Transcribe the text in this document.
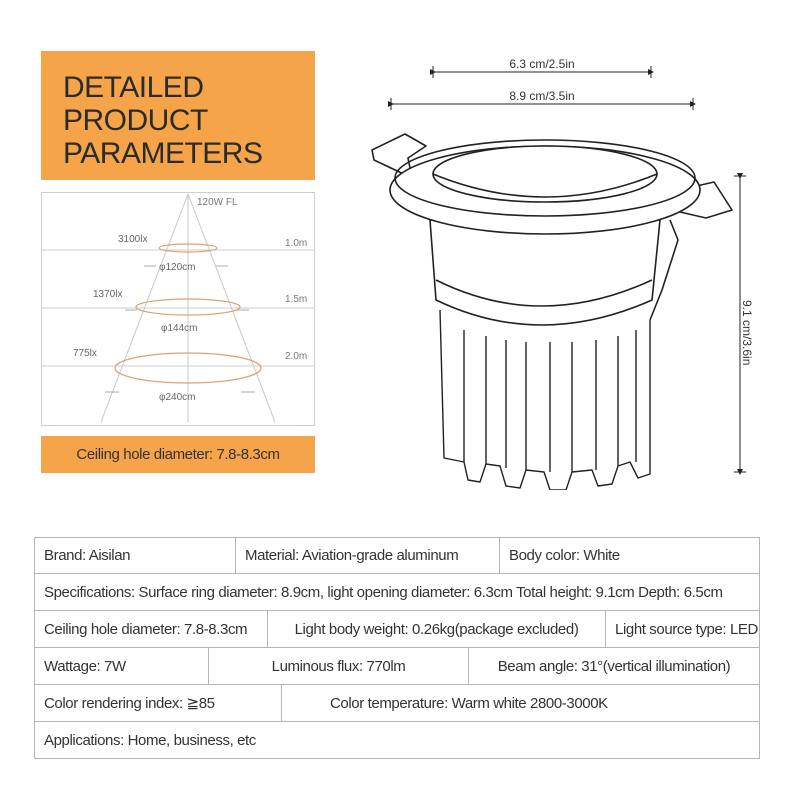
DETAILED
PRODUCT
PARAMETERS
120W FL
3100lx	1.0m
φ120cm
1370lx	1.5m
φ144cm
775lx	2.0m
φ240cm
Ceiling hole diameter: 7.8-8.3cm
6.3 cm/2.5in
8.9 cm/3.5in
9.1 cm/3.6in
Brand: Aisilan	Material: Aviation-grade aluminum	Body color: White
Specifications: Surface ring diameter: 8.9cm, light opening diameter: 6.3cm Total height: 9.1cm Depth: 6.5cm
Ceiling hole diameter: 7.8-8.3cm	Light body weight: 0.26kg(package excluded)	Light source type: LED
Wattage: 7W	Luminous flux: 770lm	Beam angle: 31°(vertical illumination)
Color rendering index: ≧85	Color temperature: Warm white 2800-3000K
Applications: Home, business, etc
